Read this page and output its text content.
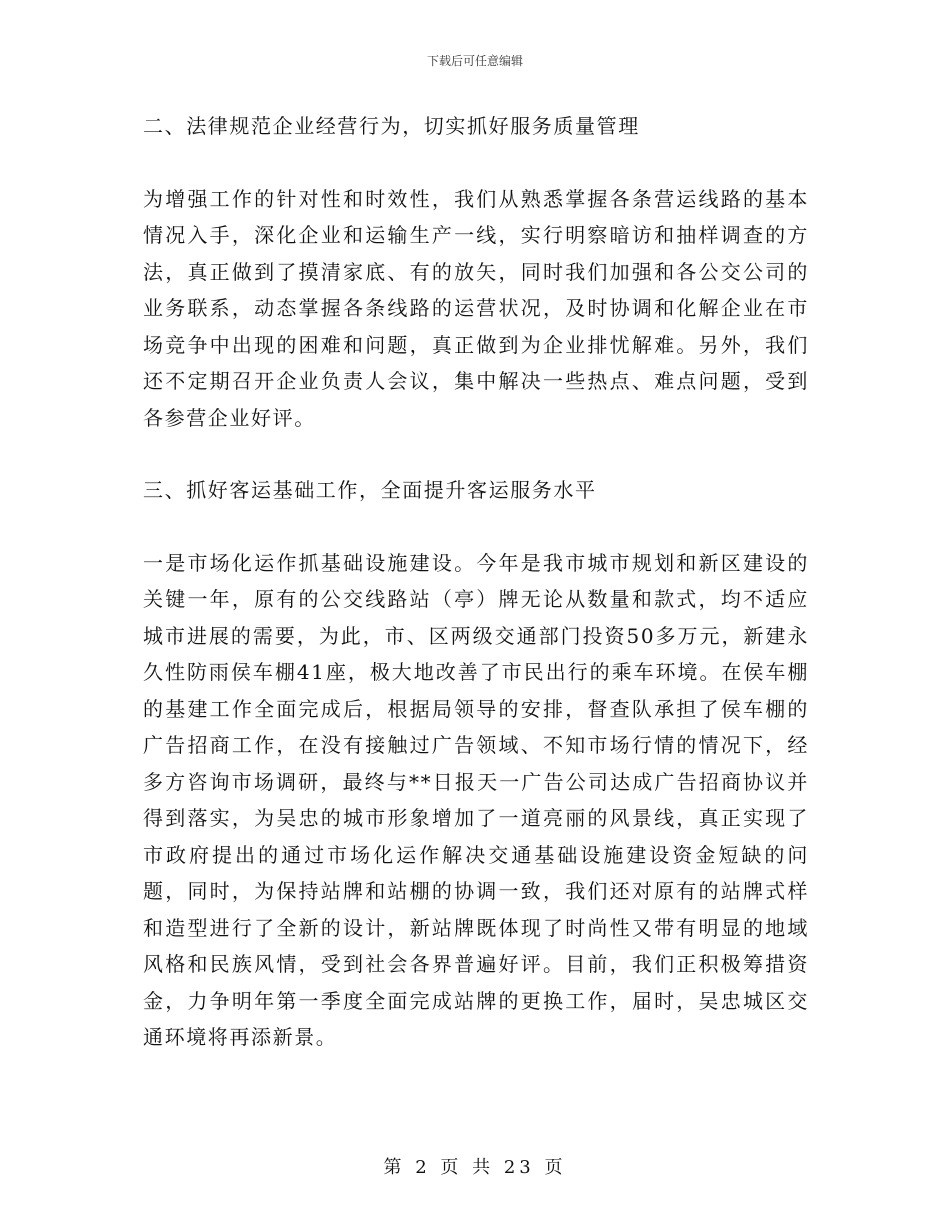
下载后可任意编辑
二、法律规范企业经营行为，切实抓好服务质量管理

为增强工作的针对性和时效性，我们从熟悉掌握各条营运线路的基本情况入手，深化企业和运输生产一线，实行明察暗访和抽样调查的方法，真正做到了摸清家底、有的放矢，同时我们加强和各公交公司的业务联系，动态掌握各条线路的运营状况，及时协调和化解企业在市场竞争中出现的困难和问题，真正做到为企业排忧解难。另外，我们还不定期召开企业负责人会议，集中解决一些热点、难点问题，受到各参营企业好评。

三、抓好客运基础工作，全面提升客运服务水平

一是市场化运作抓基础设施建设。今年是我市城市规划和新区建设的关键一年，原有的公交线路站（亭）牌无论从数量和款式，均不适应城市进展的需要，为此，市、区两级交通部门投资50多万元，新建永久性防雨侯车棚41座，极大地改善了市民出行的乘车环境。在侯车棚的基建工作全面完成后，根据局领导的安排，督查队承担了侯车棚的广告招商工作，在没有接触过广告领域、不知市场行情的情况下，经多方咨询市场调研，最终与**日报天一广告公司达成广告招商协议并得到落实，为吴忠的城市形象增加了一道亮丽的风景线，真正实现了市政府提出的通过市场化运作解决交通基础设施建设资金短缺的问题，同时，为保持站牌和站棚的协调一致，我们还对原有的站牌式样和造型进行了全新的设计，新站牌既体现了时尚性又带有明显的地域风格和民族风情，受到社会各界普遍好评。目前，我们正积极筹措资金，力争明年第一季度全面完成站牌的更换工作，届时，吴忠城区交通环境将再添新景。

第 2 页 共 23 页
